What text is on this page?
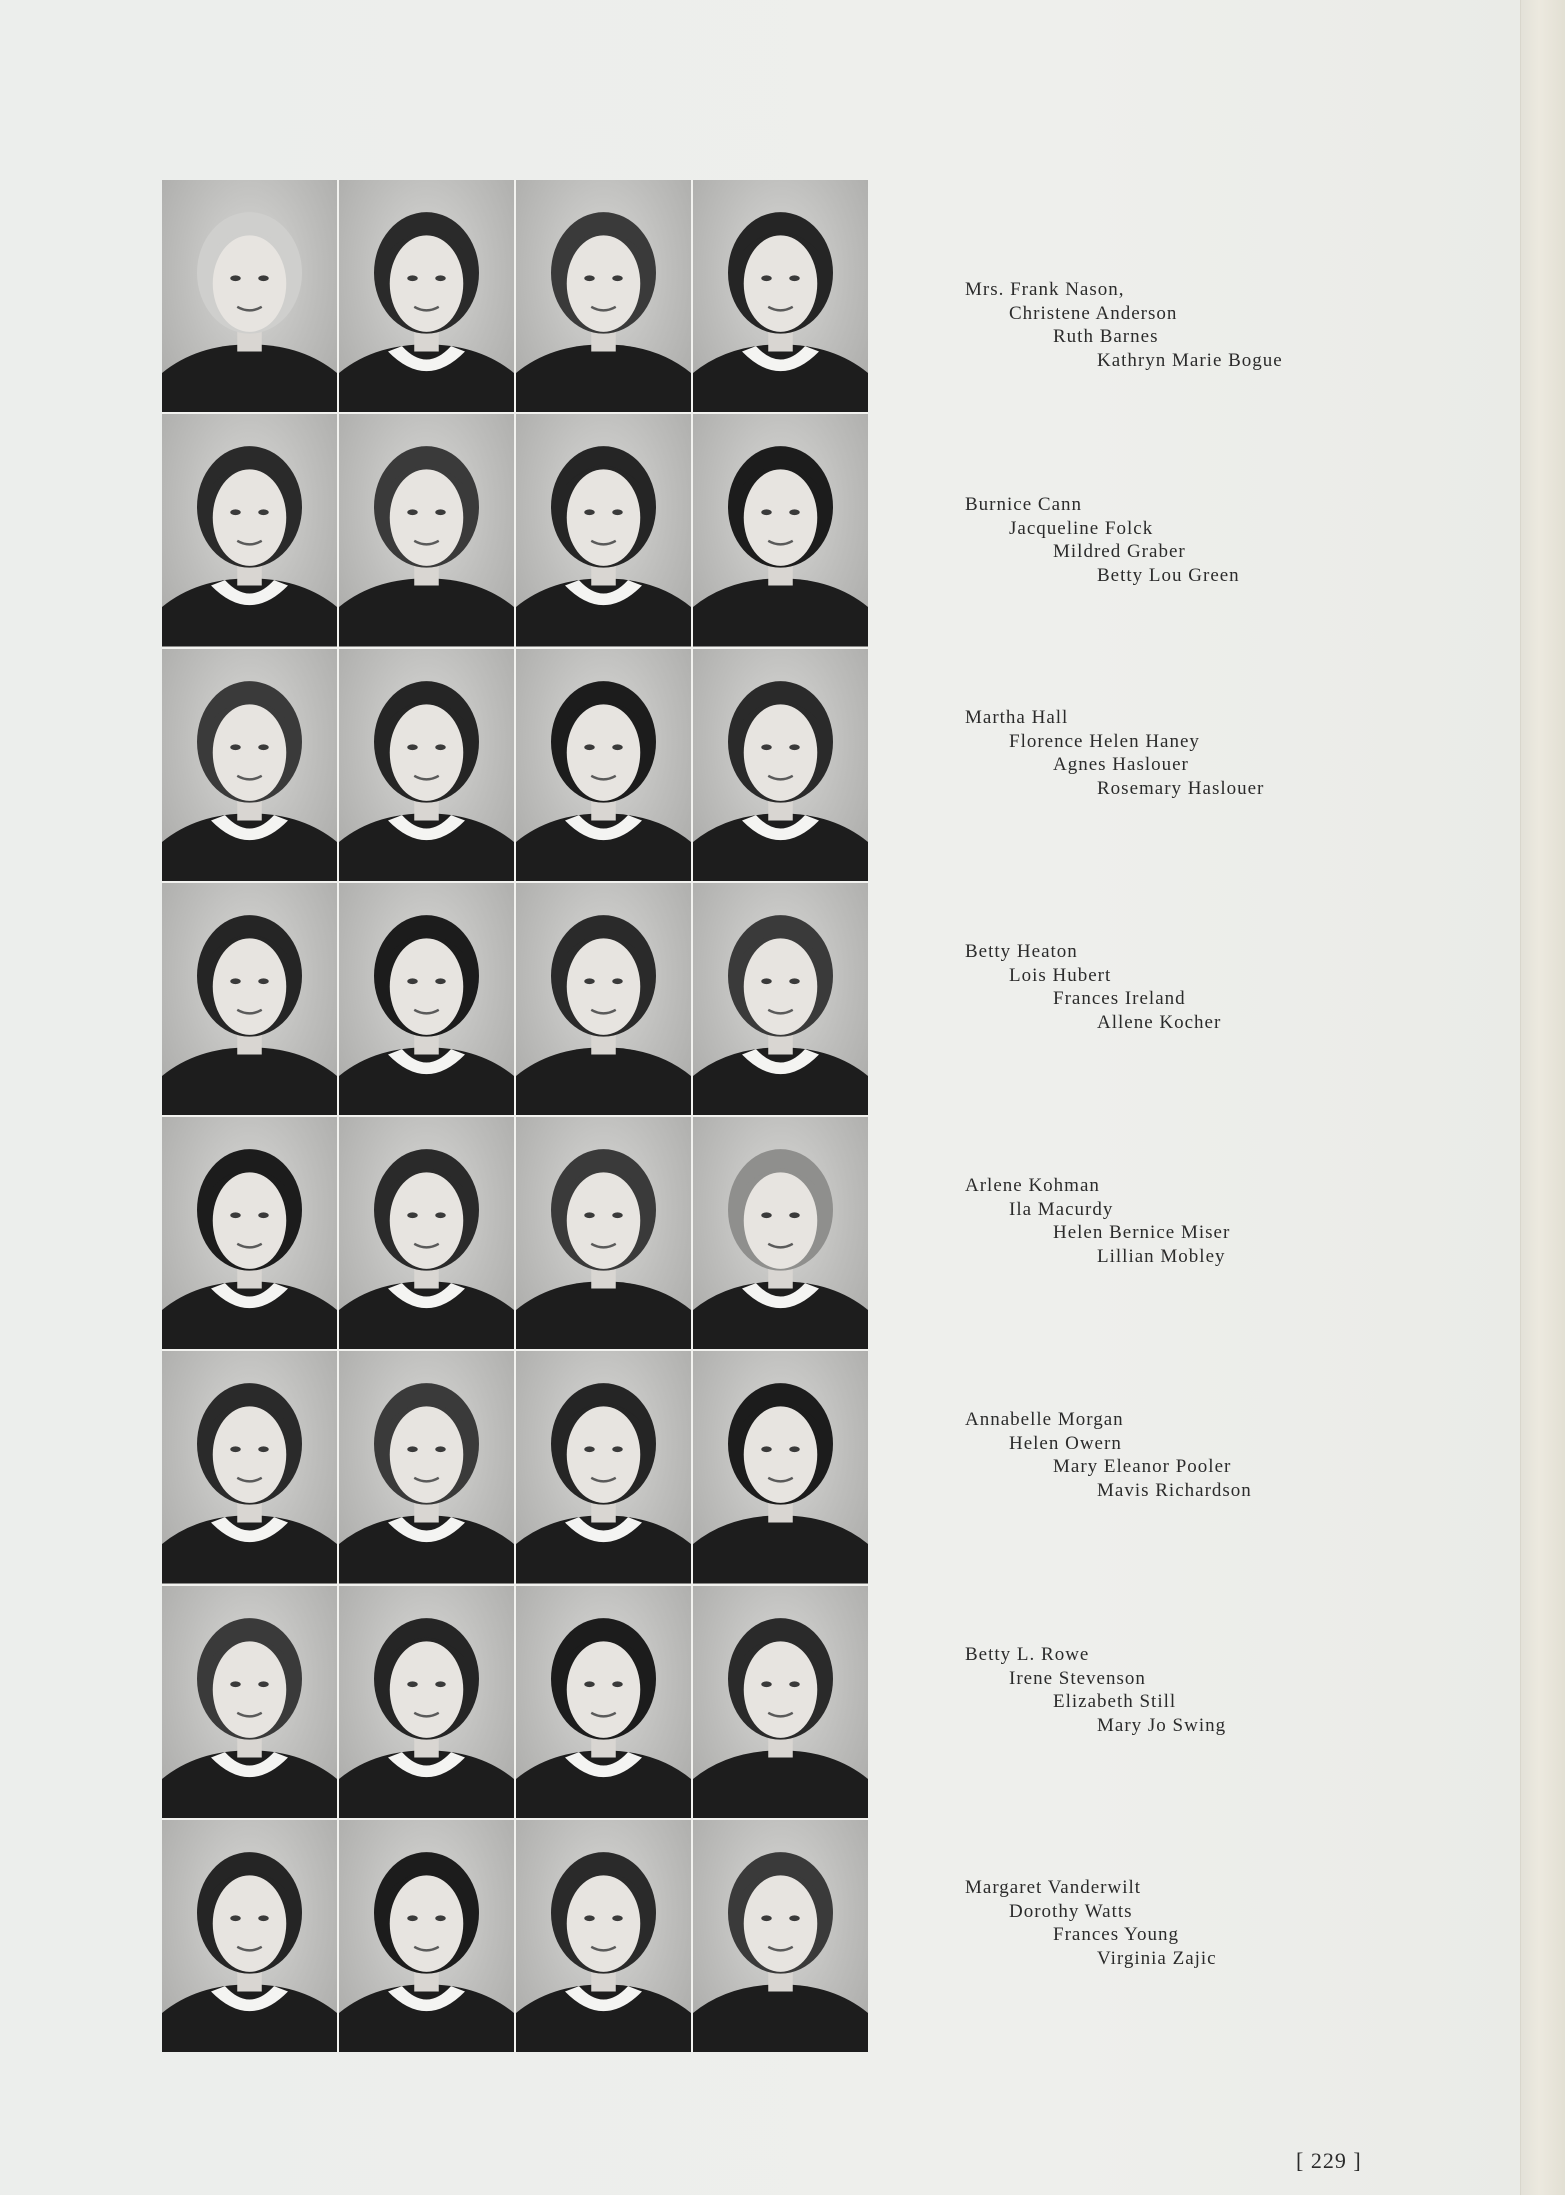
Mrs. Frank Nason,
Christene Anderson
Ruth Barnes
Kathryn Marie Bogue
Burnice Cann
Jacqueline Folck
Mildred Graber
Betty Lou Green
Martha Hall
Florence Helen Haney
Agnes Haslouer
Rosemary Haslouer
Betty Heaton
Lois Hubert
Frances Ireland
Allene Kocher
Arlene Kohman
Ila Macurdy
Helen Bernice Miser
Lillian Mobley
Annabelle Morgan
Helen Owern
Mary Eleanor Pooler
Mavis Richardson
Betty L. Rowe
Irene Stevenson
Elizabeth Still
Mary Jo Swing
Margaret Vanderwilt
Dorothy Watts
Frances Young
Virginia Zajic
[ 229 ]
